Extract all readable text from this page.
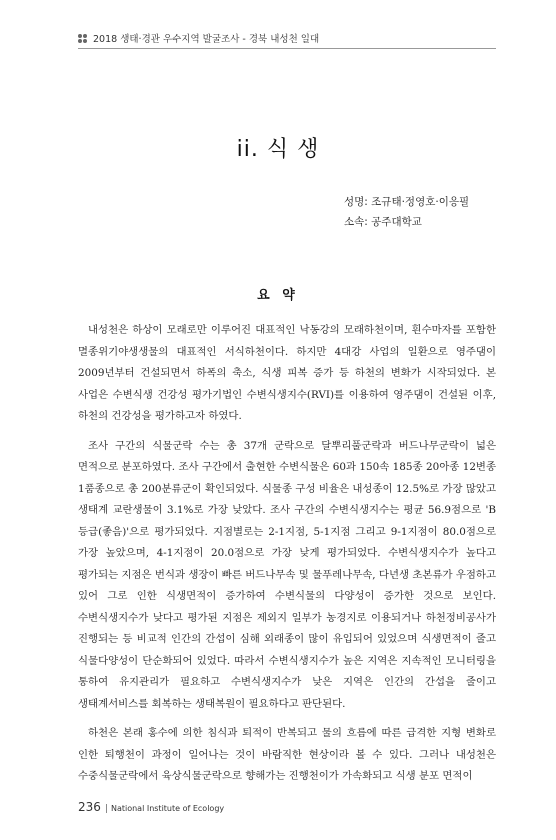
2018 생태·경관 우수지역 발굴조사 - 경북 내성천 일대
ii. 식 생
성명: 조규태·정영호·이응필
소속: 공주대학교
요 약

내성천은 하상이 모래로만 이루어진 대표적인 낙동강의 모래하천이며, 흰수마자를 포함한 멸종위기야생생물의 대표적인 서식하천이다. 하지만 4대강 사업의 일환으로 영주댐이 2009년부터 건설되면서 하폭의 축소, 식생 피복 증가 등 하천의 변화가 시작되었다. 본 사업은 수변식생 건강성 평가기법인 수변식생지수(RVI)를 이용하여 영주댐이 건설된 이후, 하천의 건강성을 평가하고자 하였다.

조사 구간의 식물군락 수는 총 37개 군락으로 달뿌리풀군락과 버드나무군락이 넓은 면적으로 분포하였다. 조사 구간에서 출현한 수변식물은 60과 150속 185종 20아종 12변종 1품종으로 총 200분류군이 확인되었다. 식물종 구성 비율은 내성종이 12.5%로 가장 많았고 생태계 교란생물이 3.1%로 가장 낮았다. 조사 구간의 수변식생지수는 평균 56.9점으로 'B 등급(좋음)'으로 평가되었다. 지점별로는 2-1지점, 5-1지점 그리고 9-1지점이 80.0점으로 가장 높았으며, 4-1지점이 20.0점으로 가장 낮게 평가되었다. 수변식생지수가 높다고 평가되는 지점은 번식과 생장이 빠른 버드나무속 및 물푸레나무속, 다년생 초본류가 우점하고 있어 그로 인한 식생면적이 증가하여 수변식물의 다양성이 증가한 것으로 보인다. 수변식생지수가 낮다고 평가된 지점은 제외지 일부가 농경지로 이용되거나 하천정비공사가 진행되는 등 비교적 인간의 간섭이 심해 외래종이 많이 유입되어 있었으며 식생면적이 줄고 식물다양성이 단순화되어 있었다. 따라서 수변식생지수가 높은 지역은 지속적인 모니터링을 통하여 유지관리가 필요하고 수변식생지수가 낮은 지역은 인간의 간섭을 줄이고 생태계서비스를 회복하는 생태복원이 필요하다고 판단된다.

하천은 본래 홍수에 의한 침식과 퇴적이 반복되고 물의 흐름에 따른 급격한 지형 변화로 인한 퇴행천이 과정이 일어나는 것이 바람직한 현상이라 볼 수 있다. 그러나 내성천은 수중식물군락에서 육상식물군락으로 향해가는 진행천이가 가속화되고 식생 분포 면적이

236 | National Institute of Ecology
